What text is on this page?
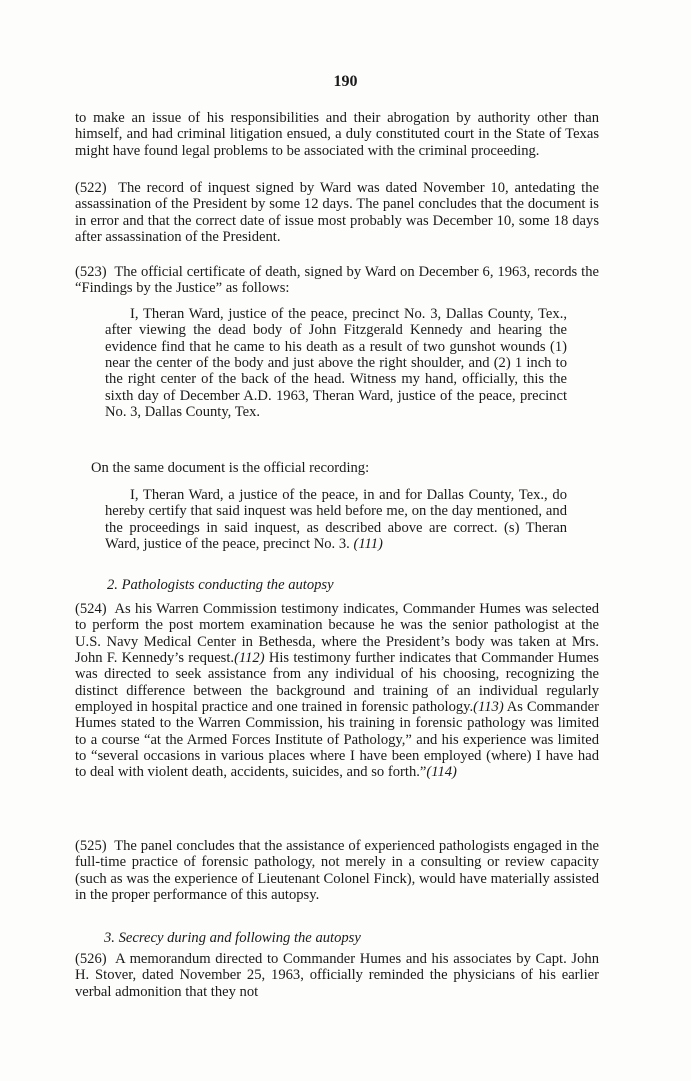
190

to make an issue of his responsibilities and their abrogation by authority other than himself, and had criminal litigation ensued, a duly constituted court in the State of Texas might have found legal problems to be associated with the criminal proceeding.

(522) The record of inquest signed by Ward was dated November 10, antedating the assassination of the President by some 12 days. The panel concludes that the document is in error and that the correct date of issue most probably was December 10, some 18 days after assassination of the President.

(523) The official certificate of death, signed by Ward on December 6, 1963, records the “Findings by the Justice” as follows:

I, Theran Ward, justice of the peace, precinct No. 3, Dallas County, Tex., after viewing the dead body of John Fitzgerald Kennedy and hearing the evidence find that he came to his death as a result of two gunshot wounds (1) near the center of the body and just above the right shoulder, and (2) 1 inch to the right center of the back of the head. Witness my hand, officially, this the sixth day of December A.D. 1963, Theran Ward, justice of the peace, precinct No. 3, Dallas County, Tex.

On the same document is the official recording:

I, Theran Ward, a justice of the peace, in and for Dallas County, Tex., do hereby certify that said inquest was held before me, on the day mentioned, and the proceedings in said inquest, as described above are correct. (s) Theran Ward, justice of the peace, precinct No. 3. (111)

2. Pathologists conducting the autopsy

(524) As his Warren Commission testimony indicates, Commander Humes was selected to perform the post mortem examination because he was the senior pathologist at the U.S. Navy Medical Center in Bethesda, where the President’s body was taken at Mrs. John F. Kennedy’s request.(112) His testimony further indicates that Commander Humes was directed to seek assistance from any individual of his choosing, recognizing the distinct difference between the background and training of an individual regularly employed in hospital practice and one trained in forensic pathology.(113) As Commander Humes stated to the Warren Commission, his training in forensic pathology was limited to a course “at the Armed Forces Institute of Pathology,” and his experience was limited to “several occasions in various places where I have been employed (where) I have had to deal with violent death, accidents, suicides, and so forth.”(114)

(525) The panel concludes that the assistance of experienced pathologists engaged in the full-time practice of forensic pathology, not merely in a consulting or review capacity (such as was the experience of Lieutenant Colonel Finck), would have materially assisted in the proper performance of this autopsy.

3. Secrecy during and following the autopsy

(526) A memorandum directed to Commander Humes and his associates by Capt. John H. Stover, dated November 25, 1963, officially reminded the physicians of his earlier verbal admonition that they not
